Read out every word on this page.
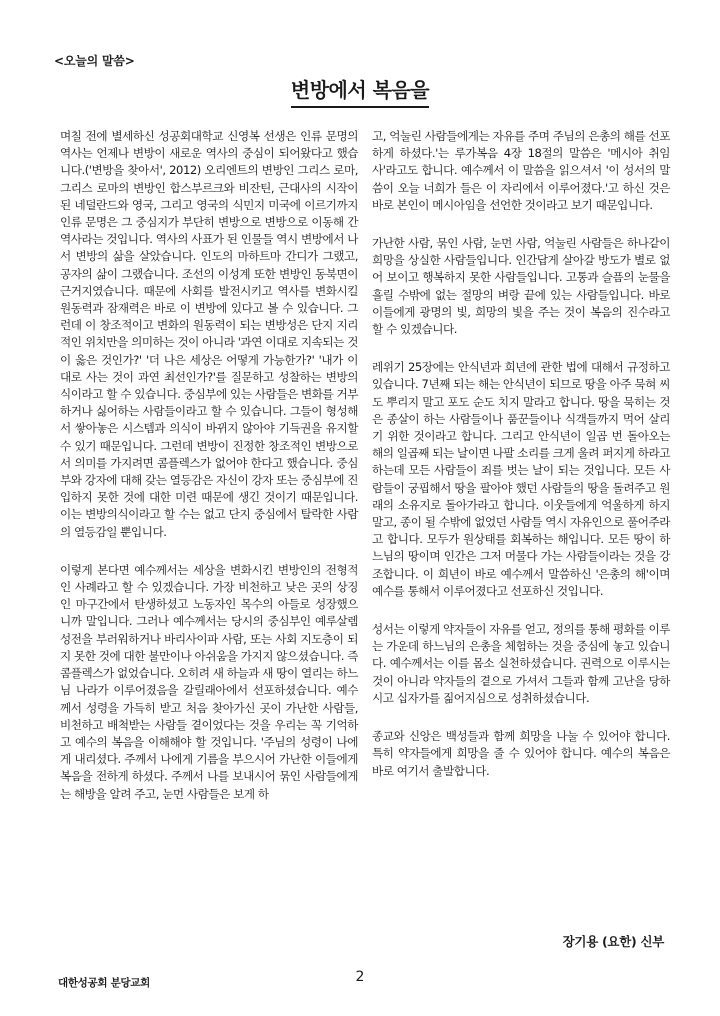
<오늘의 말씀>
변방에서 복음을

며칠 전에 별세하신 성공회대학교 신영복 선생은 인류 문명의 역사는 언제나 변방이 새로운 역사의 중심이 되어왔다고 했습니다.('변방을 찾아서', 2012) 오리엔트의 변방인 그리스 로마, 그리스 로마의 변방인 합스부르크와 비잔틴, 근대사의 시작이 된 네덜란드와 영국, 그리고 영국의 식민지 미국에 이르기까지 인류 문명은 그 중심지가 부단히 변방으로 변방으로 이동해 간 역사라는 것입니다. 역사의 사표가 된 인물들 역시 변방에서 나서 변방의 삶을 살았습니다. 인도의 마하트마 간디가 그랬고, 공자의 삶이 그랬습니다. 조선의 이성계 또한 변방인 동북면이 근거지였습니다. 때문에 사회를 발전시키고 역사를 변화시킬 원동력과 잠재력은 바로 이 변방에 있다고 볼 수 있습니다. 그런데 이 창조적이고 변화의 원동력이 되는 변방성은 단지 지리적인 위치만을 의미하는 것이 아니라 '과연 이대로 지속되는 것이 옳은 것인가?' '더 나은 세상은 어떻게 가능한가?' '내가 이대로 사는 것이 과연 최선인가?'를 질문하고 성찰하는 변방의식이라고 할 수 있습니다. 중심부에 있는 사람들은 변화를 거부하거나 싫어하는 사람들이라고 할 수 있습니다. 그들이 형성해서 쌓아놓은 시스템과 의식이 바뀌지 않아야 기득권을 유지할 수 있기 때문입니다. 그런데 변방이 진정한 창조적인 변방으로서 의미를 가지려면 콤플렉스가 없어야 한다고 했습니다. 중심부와 강자에 대해 갖는 열등감은 자신이 강자 또는 중심부에 진입하지 못한 것에 대한 미련 때문에 생긴 것이기 때문입니다. 이는 변방의식이라고 할 수는 없고 단지 중심에서 탈락한 사람의 열등감일 뿐입니다.

이렇게 본다면 예수께서는 세상을 변화시킨 변방인의 전형적인 사례라고 할 수 있겠습니다. 가장 비천하고 낮은 곳의 상징인 마구간에서 탄생하셨고 노동자인 목수의 아들로 성장했으니까 말입니다. 그러나 예수께서는 당시의 중심부인 예루살렘 성전을 부러워하거나 바리사이파 사람, 또는 사회 지도층이 되지 못한 것에 대한 불만이나 아쉬움을 가지지 않으셨습니다. 즉 콤플렉스가 없었습니다. 오히려 새 하늘과 새 땅이 열리는 하느님 나라가 이루어졌음을 갈릴래아에서 선포하셨습니다. 예수께서 성령을 가득히 받고 처음 찾아가신 곳이 가난한 사람들, 비천하고 배척받는 사람들 곁이었다는 것을 우리는 꼭 기억하고 예수의 복음을 이해해야 할 것입니다. '주님의 성령이 나에게 내리셨다. 주께서 나에게 기름을 부으시어 가난한 이들에게 복음을 전하게 하셨다. 주께서 나를 보내시어 묶인 사람들에게는 해방을 알려 주고, 눈먼 사람들은 보게 하

고, 억눌린 사람들에게는 자유를 주며 주님의 은총의 해를 선포하게 하셨다.'는 루가복음 4장 18절의 말씀은 '메시아 취임사'라고도 합니다. 예수께서 이 말씀을 읽으셔서 '이 성서의 말씀이 오늘 너희가 들은 이 자리에서 이루어졌다.'고 하신 것은 바로 본인이 메시아임을 선언한 것이라고 보기 때문입니다.

가난한 사람, 묶인 사람, 눈먼 사람, 억눌린 사람들은 하나같이 희망을 상실한 사람들입니다. 인간답게 살아갈 방도가 별로 없어 보이고 행복하지 못한 사람들입니다. 고통과 슬픔의 눈물을 흘릴 수밖에 없는 절망의 벼랑 끝에 있는 사람들입니다. 바로 이들에게 광명의 빛, 희망의 빛을 주는 것이 복음의 진수라고 할 수 있겠습니다.

레위기 25장에는 안식년과 희년에 관한 법에 대해서 규정하고 있습니다. 7년째 되는 해는 안식년이 되므로 땅을 아주 묵혀 씨도 뿌리지 말고 포도 순도 치지 말라고 합니다. 땅을 묵히는 것은 종살이 하는 사람들이나 품꾼들이나 식객들까지 먹어 살리기 위한 것이라고 합니다. 그리고 안식년이 일곱 번 돌아오는 해의 일곱째 되는 날이면 나팔 소리를 크게 울려 퍼지게 하라고 하는데 모든 사람들이 죄를 벗는 날이 되는 것입니다. 모든 사람들이 궁핍해서 땅을 팔아야 했던 사람들의 땅을 돌려주고 원래의 소유지로 돌아가라고 합니다. 이웃들에게 억울하게 하지 말고, 종이 될 수밖에 없었던 사람들 역시 자유인으로 풀어주라고 합니다. 모두가 원상태를 회복하는 해입니다. 모든 땅이 하느님의 땅이며 인간은 그저 머물다 가는 사람들이라는 것을 강조합니다. 이 희년이 바로 예수께서 말씀하신 '은총의 해'이며 예수를 통해서 이루어졌다고 선포하신 것입니다.

성서는 이렇게 약자들이 자유를 얻고, 정의를 통해 평화를 이루는 가운데 하느님의 은총을 체험하는 것을 중심에 놓고 있습니다. 예수께서는 이를 몸소 실천하셨습니다. 권력으로 이루시는 것이 아니라 약자들의 곁으로 가셔서 그들과 함께 고난을 당하시고 십자가를 짊어지심으로 성취하셨습니다.

종교와 신앙은 백성들과 함께 희망을 나눌 수 있어야 합니다. 특히 약자들에게 희망을 줄 수 있어야 합니다. 예수의 복음은 바로 여기서 출발합니다.

장기용 (요한) 신부
대한성공회 분당교회	2
